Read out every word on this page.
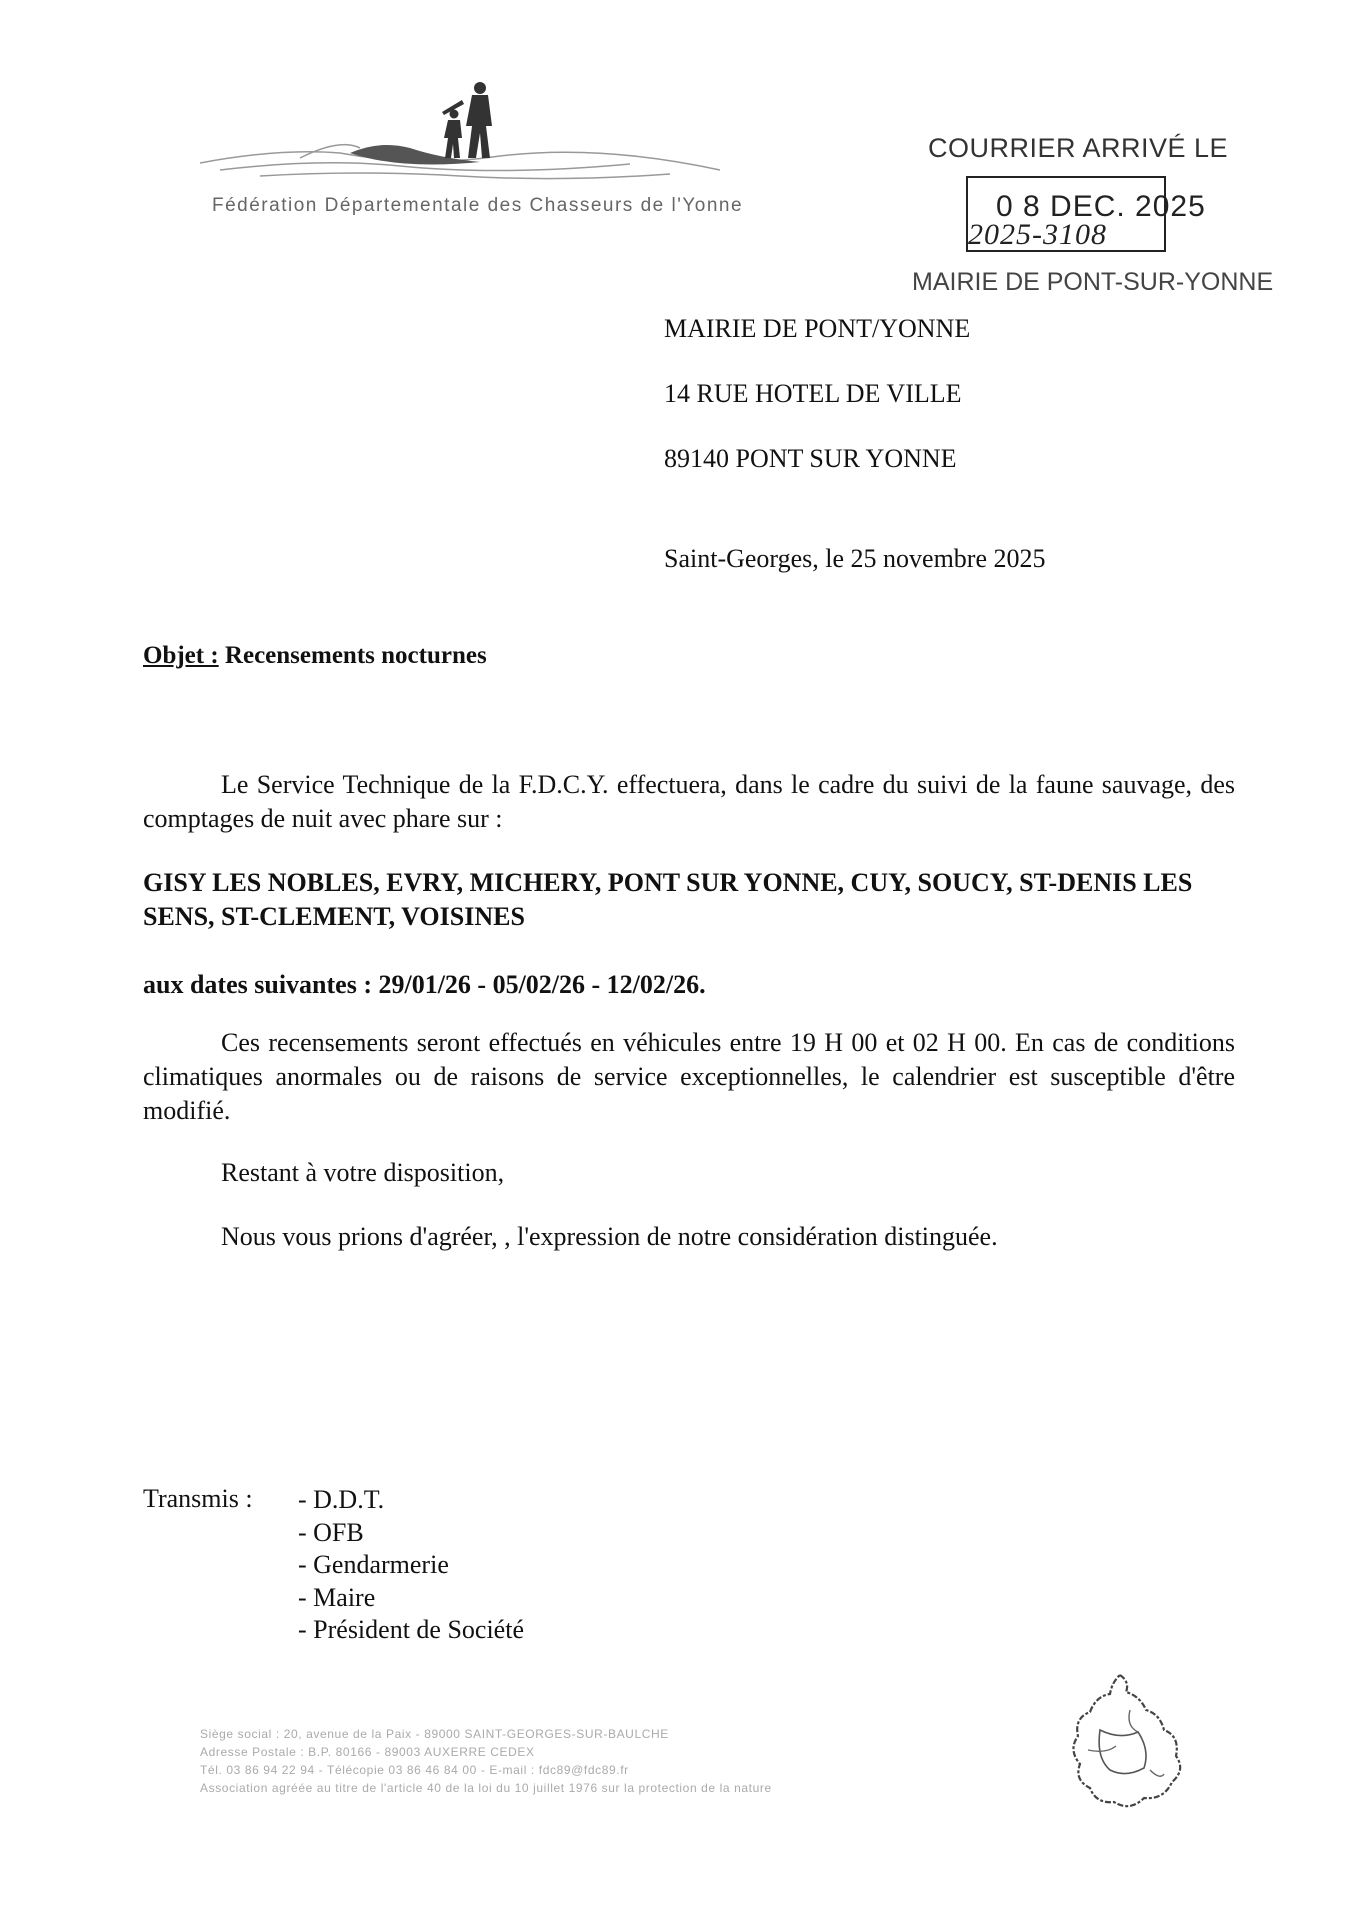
Fédération Départementale des Chasseurs de l'Yonne
COURRIER ARRIVÉ LE
0 8 DEC. 2025
2025-3108
MAIRIE DE PONT-SUR-YONNE
MAIRIE DE PONT/YONNE
14 RUE HOTEL DE VILLE
89140 PONT SUR YONNE
Saint-Georges, le 25 novembre 2025
Objet : Recensements nocturnes
Le Service Technique de la F.D.C.Y. effectuera, dans le cadre du suivi de la faune sauvage, des comptages de nuit avec phare sur :
GISY LES NOBLES, EVRY, MICHERY, PONT SUR YONNE, CUY, SOUCY, ST-DENIS LES SENS, ST-CLEMENT, VOISINES
aux dates suivantes : 29/01/26 - 05/02/26 - 12/02/26.
Ces recensements seront effectués en véhicules entre 19 H 00 et 02 H 00. En cas de conditions climatiques anormales ou de raisons de service exceptionnelles, le calendrier est susceptible d'être modifié.
Restant à votre disposition,
Nous vous prions d'agréer, , l'expression de notre considération distinguée.
Transmis : - D.D.T.
- OFB
- Gendarmerie
- Maire
- Président de Société
Siège social : 20, avenue de la Paix - 89000 SAINT-GEORGES-SUR-BAULCHE
Adresse Postale : B.P. 80166 - 89003 AUXERRE CEDEX
Tél. 03 86 94 22 94 - Télécopie 03 86 46 84 00 - E-mail : fdc89@fdc89.fr
Association agréée au titre de l'article 40 de la loi du 10 juillet 1976 sur la protection de la nature
